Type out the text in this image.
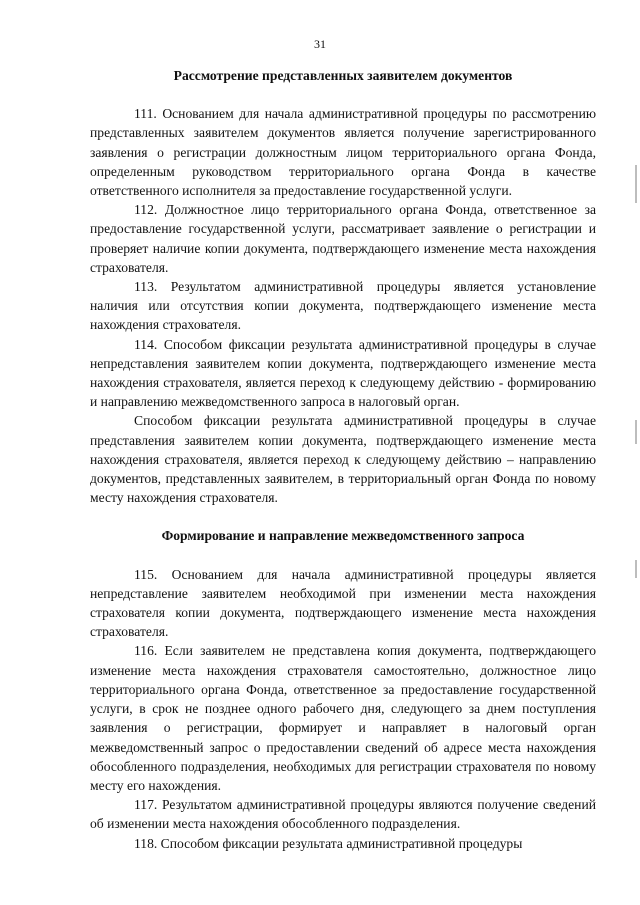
31

Рассмотрение представленных заявителем документов

111. Основанием для начала административной процедуры по рассмотрению представленных заявителем документов является получение зарегистрированного заявления о регистрации должностным лицом территориального органа Фонда, определенным руководством территориального органа Фонда в качестве ответственного исполнителя за предоставление государственной услуги.

112. Должностное лицо территориального органа Фонда, ответственное за предоставление государственной услуги, рассматривает заявление о регистрации и проверяет наличие копии документа, подтверждающего изменение места нахождения страхователя.

113. Результатом административной процедуры является установление наличия или отсутствия копии документа, подтверждающего изменение места нахождения страхователя.

114. Способом фиксации результата административной процедуры в случае непредставления заявителем копии документа, подтверждающего изменение места нахождения страхователя, является переход к следующему действию - формированию и направлению межведомственного запроса в налоговый орган.

Способом фиксации результата административной процедуры в случае представления заявителем копии документа, подтверждающего изменение места нахождения страхователя, является переход к следующему действию – направлению документов, представленных заявителем, в территориальный орган Фонда по новому месту нахождения страхователя.

Формирование и направление межведомственного запроса

115. Основанием для начала административной процедуры является непредставление заявителем необходимой при изменении места нахождения страхователя копии документа, подтверждающего изменение места нахождения страхователя.

116. Если заявителем не представлена копия документа, подтверждающего изменение места нахождения страхователя самостоятельно, должностное лицо территориального органа Фонда, ответственное за предоставление государственной услуги, в срок не позднее одного рабочего дня, следующего за днем поступления заявления о регистрации, формирует и направляет в налоговый орган межведомственный запрос о предоставлении сведений об адресе места нахождения обособленного подразделения, необходимых для регистрации страхователя по новому месту его нахождения.

117. Результатом административной процедуры являются получение сведений об изменении места нахождения обособленного подразделения.

118. Способом фиксации результата административной процедуры
